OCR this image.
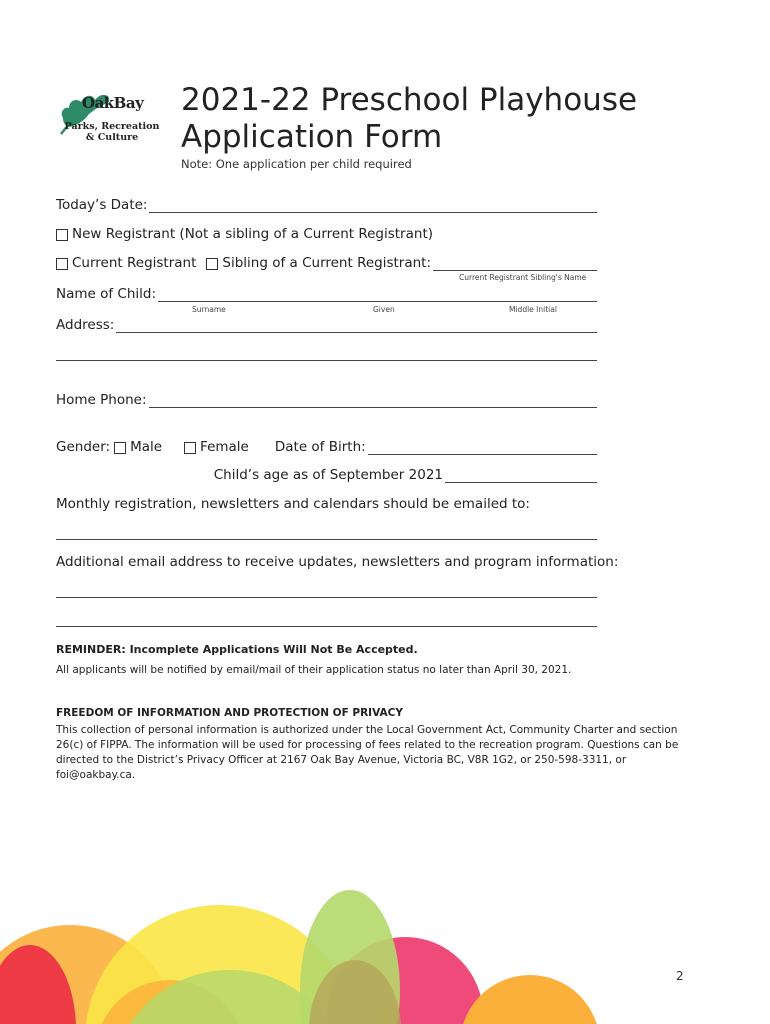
OakBay
Parks, Recreation
& Culture
2021-22 Preschool Playhouse
Application Form
Note: One application per child required
Today’s Date:
New Registrant (Not a sibling of a Current Registrant)
Current Registrant Sibling of a Current Registrant:
Current Registrant Sibling's Name
Name of Child:
Surname	Given	Middle Initial
Address:
Home Phone:
Gender: Male	Female Date of Birth:
Child’s age as of September 2021
Monthly registration, newsletters and calendars should be emailed to:
Additional email address to receive updates, newsletters and program information:
REMINDER: Incomplete Applications Will Not Be Accepted.
All applicants will be notified by email/mail of their application status no later than April 30, 2021.
FREEDOM OF INFORMATION AND PROTECTION OF PRIVACY
This collection of personal information is authorized under the Local Government Act, Community Charter and section 26(c) of FIPPA. The information will be used for processing of fees related to the recreation program. Questions can be directed to the District’s Privacy Officer at 2167 Oak Bay Avenue, Victoria BC, V8R 1G2, or 250-598-3311, or foi@oakbay.ca.
2
